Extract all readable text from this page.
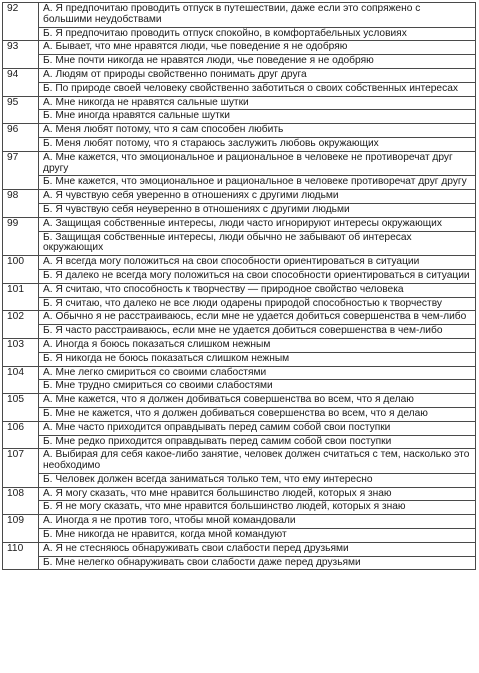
92	А. Я предпочитаю проводить отпуск в путешествии, даже если это сопряжено с большими неудобствами
	Б. Я предпочитаю проводить отпуск спокойно, в комфортабельных условиях
93	А. Бывает, что мне нравятся люди, чье поведение я не одобряю
	Б. Мне почти никогда не нравятся люди, чье поведение я не одобряю
94	А. Людям от природы свойственно понимать друг друга
	Б. По природе своей человеку свойственно заботиться о своих собственных интересах
95	А. Мне никогда не нравятся сальные шутки
	Б. Мне иногда нравятся сальные шутки
96	А. Меня любят потому, что я сам способен любить
	Б. Меня любят потому, что я стараюсь заслужить любовь окружающих
97	А. Мне кажется, что эмоциональное и рациональное в человеке не противоречат друг другу
	Б. Мне кажется, что эмоциональное и рациональное в человеке противоречат друг другу
98	А. Я чувствую себя уверенно в отношениях с другими людьми
	Б. Я чувствую себя неуверенно в отношениях с другими людьми
99	А. Защищая собственные интересы, люди часто игнорируют интересы окружающих
	Б. Защищая собственные интересы, люди обычно не забывают об интересах окружающих
100	А. Я всегда могу положиться на свои способности ориентироваться в ситуации
	Б. Я далеко не всегда могу положиться на свои способности ориентироваться в ситуации
101	А. Я считаю, что способность к творчеству — природное свойство человека
	Б. Я считаю, что далеко не все люди одарены природой способностью к творчеству
102	А. Обычно я не расстраиваюсь, если мне не удается добиться совершенства в чем-либо
	Б. Я часто расстраиваюсь, если мне не удается добиться совершенства в чем-либо
103	А. Иногда я боюсь показаться слишком нежным
	Б. Я никогда не боюсь показаться слишком нежным
104	А. Мне легко смириться со своими слабостями
	Б. Мне трудно смириться со своими слабостями
105	А. Мне кажется, что я должен добиваться совершенства во всем, что я делаю
	Б. Мне не кажется, что я должен добиваться совершенства во всем, что я делаю
106	А. Мне часто приходится оправдывать перед самим собой свои поступки
	Б. Мне редко приходится оправдывать перед самим собой свои поступки
107	А. Выбирая для себя какое-либо занятие, человек должен считаться с тем, насколько это необходимо
	Б. Человек должен всегда заниматься только тем, что ему интересно
108	А. Я могу сказать, что мне нравится большинство людей, которых я знаю
	Б. Я не могу сказать, что мне нравится большинство людей, которых я знаю
109	А. Иногда я не против того, чтобы мной командовали
	Б. Мне никогда не нравится, когда мной командуют
110	А. Я не стесняюсь обнаруживать свои слабости перед друзьями
	Б. Мне нелегко обнаруживать свои слабости даже перед друзьями
